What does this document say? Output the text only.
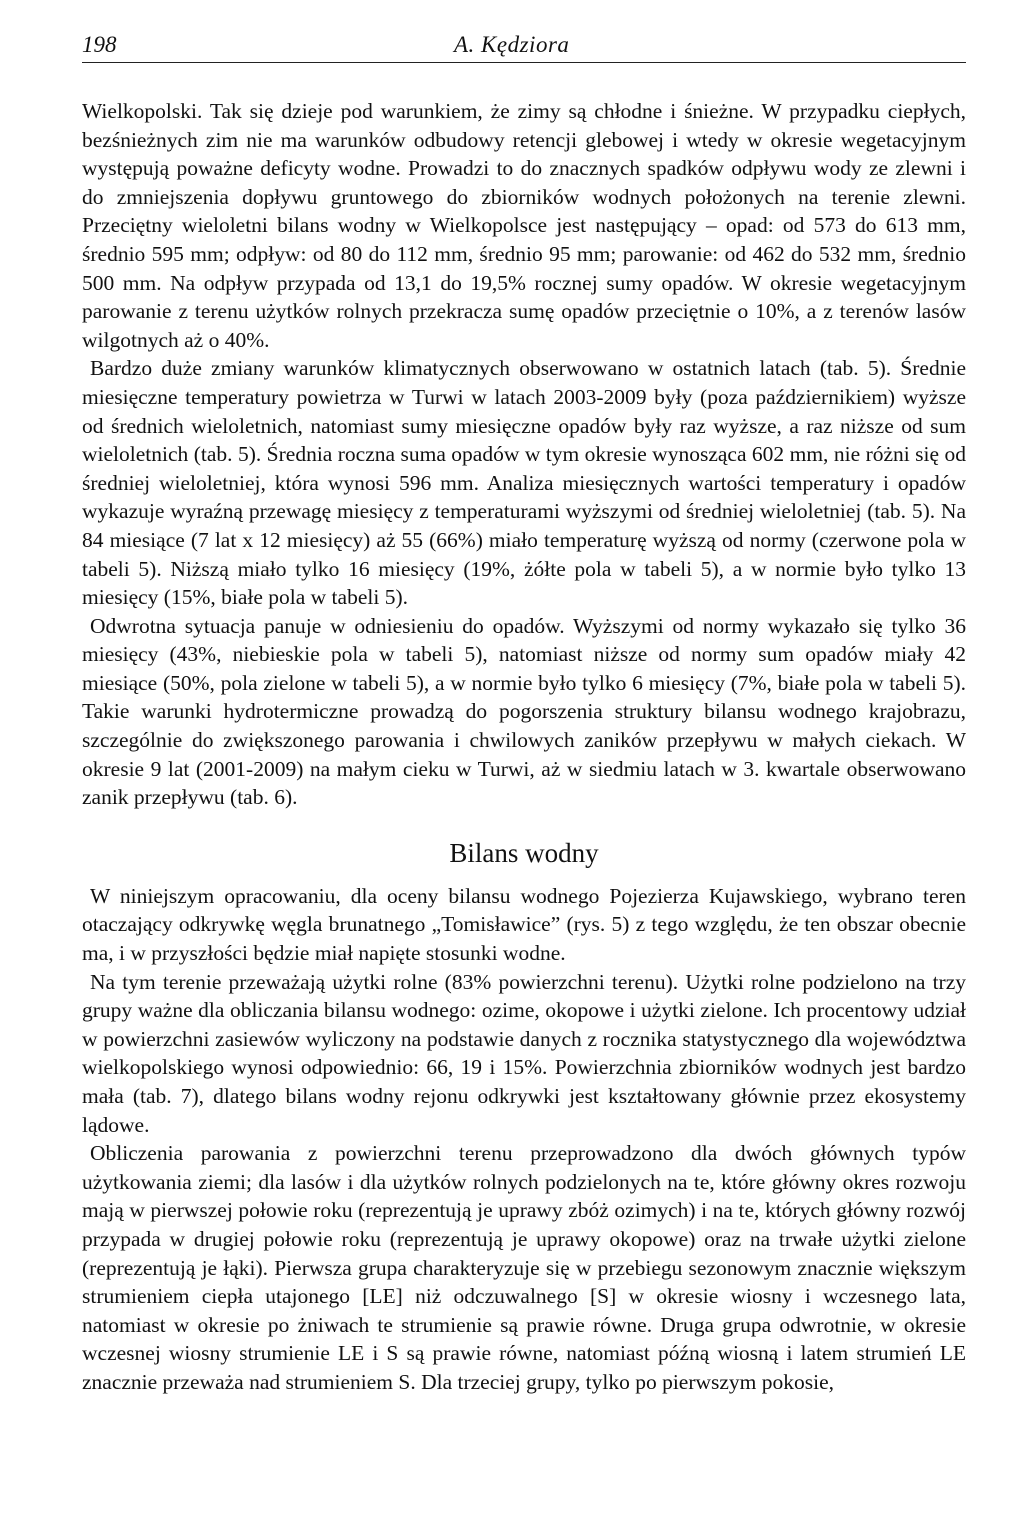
198	A. Kędziora

Wielkopolski. Tak się dzieje pod warunkiem, że zimy są chłodne i śnieżne. W przypadku ciepłych, bezśnieżnych zim nie ma warunków odbudowy retencji glebowej i wtedy w okresie wegetacyjnym występują poważne deficyty wodne. Prowadzi to do znacznych spadków odpływu wody ze zlewni i do zmniejszenia dopływu gruntowego do zbiorników wodnych położonych na terenie zlewni. Przeciętny wieloletni bilans wodny w Wielkopolsce jest następujący – opad: od 573 do 613 mm, średnio 595 mm; odpływ: od 80 do 112 mm, średnio 95 mm; parowanie: od 462 do 532 mm, średnio 500 mm. Na odpływ przypada od 13,1 do 19,5% rocznej sumy opadów. W okresie wegetacyjnym parowanie z terenu użytków rolnych przekracza sumę opadów przeciętnie o 10%, a z terenów lasów wilgotnych aż o 40%.

Bardzo duże zmiany warunków klimatycznych obserwowano w ostatnich latach (tab. 5). Średnie miesięczne temperatury powietrza w Turwi w latach 2003-2009 były (poza październikiem) wyższe od średnich wieloletnich, natomiast sumy miesięczne opadów były raz wyższe, a raz niższe od sum wieloletnich (tab. 5). Średnia roczna suma opadów w tym okresie wynosząca 602 mm, nie różni się od średniej wieloletniej, która wynosi 596 mm. Analiza miesięcznych wartości temperatury i opadów wykazuje wyraźną przewagę miesięcy z temperaturami wyższymi od średniej wieloletniej (tab. 5). Na 84 miesiące (7 lat x 12 miesięcy) aż 55 (66%) miało temperaturę wyższą od normy (czerwone pola w tabeli 5). Niższą miało tylko 16 miesięcy (19%, żółte pola w tabeli 5), a w normie było tylko 13 miesięcy (15%, białe pola w tabeli 5).

Odwrotna sytuacja panuje w odniesieniu do opadów. Wyższymi od normy wykazało się tylko 36 miesięcy (43%, niebieskie pola w tabeli 5), natomiast niższe od normy sum opadów miały 42 miesiące (50%, pola zielone w tabeli 5), a w normie było tylko 6 miesięcy (7%, białe pola w tabeli 5). Takie warunki hydrotermiczne prowadzą do pogorszenia struktury bilansu wodnego krajobrazu, szczególnie do zwiększonego parowania i chwilowych zaników przepływu w małych ciekach. W okresie 9 lat (2001-2009) na małym cieku w Turwi, aż w siedmiu latach w 3. kwartale obserwowano zanik przepływu (tab. 6).

Bilans wodny

W niniejszym opracowaniu, dla oceny bilansu wodnego Pojezierza Kujawskiego, wybrano teren otaczający odkrywkę węgla brunatnego „Tomisławice” (rys. 5) z tego względu, że ten obszar obecnie ma, i w przyszłości będzie miał napięte stosunki wodne.

Na tym terenie przeważają użytki rolne (83% powierzchni terenu). Użytki rolne podzielono na trzy grupy ważne dla obliczania bilansu wodnego: ozime, okopowe i użytki zielone. Ich procentowy udział w powierzchni zasiewów wyliczony na podstawie danych z rocznika statystycznego dla województwa wielkopolskiego wynosi odpowiednio: 66, 19 i 15%. Powierzchnia zbiorników wodnych jest bardzo mała (tab. 7), dlatego bilans wodny rejonu odkrywki jest kształtowany głównie przez ekosystemy lądowe.

Obliczenia parowania z powierzchni terenu przeprowadzono dla dwóch głównych typów użytkowania ziemi; dla lasów i dla użytków rolnych podzielonych na te, które główny okres rozwoju mają w pierwszej połowie roku (reprezentują je uprawy zbóż ozimych) i na te, których główny rozwój przypada w drugiej połowie roku (reprezentują je uprawy okopowe) oraz na trwałe użytki zielone (reprezentują je łąki). Pierwsza grupa charakteryzuje się w przebiegu sezonowym znacznie większym strumieniem ciepła utajonego [LE] niż odczuwalnego [S] w okresie wiosny i wczesnego lata, natomiast w okresie po żniwach te strumienie są prawie równe. Druga grupa odwrotnie, w okresie wczesnej wiosny strumienie LE i S są prawie równe, natomiast późną wiosną i latem strumień LE znacznie przeważa nad strumieniem S. Dla trzeciej grupy, tylko po pierwszym pokosie,
